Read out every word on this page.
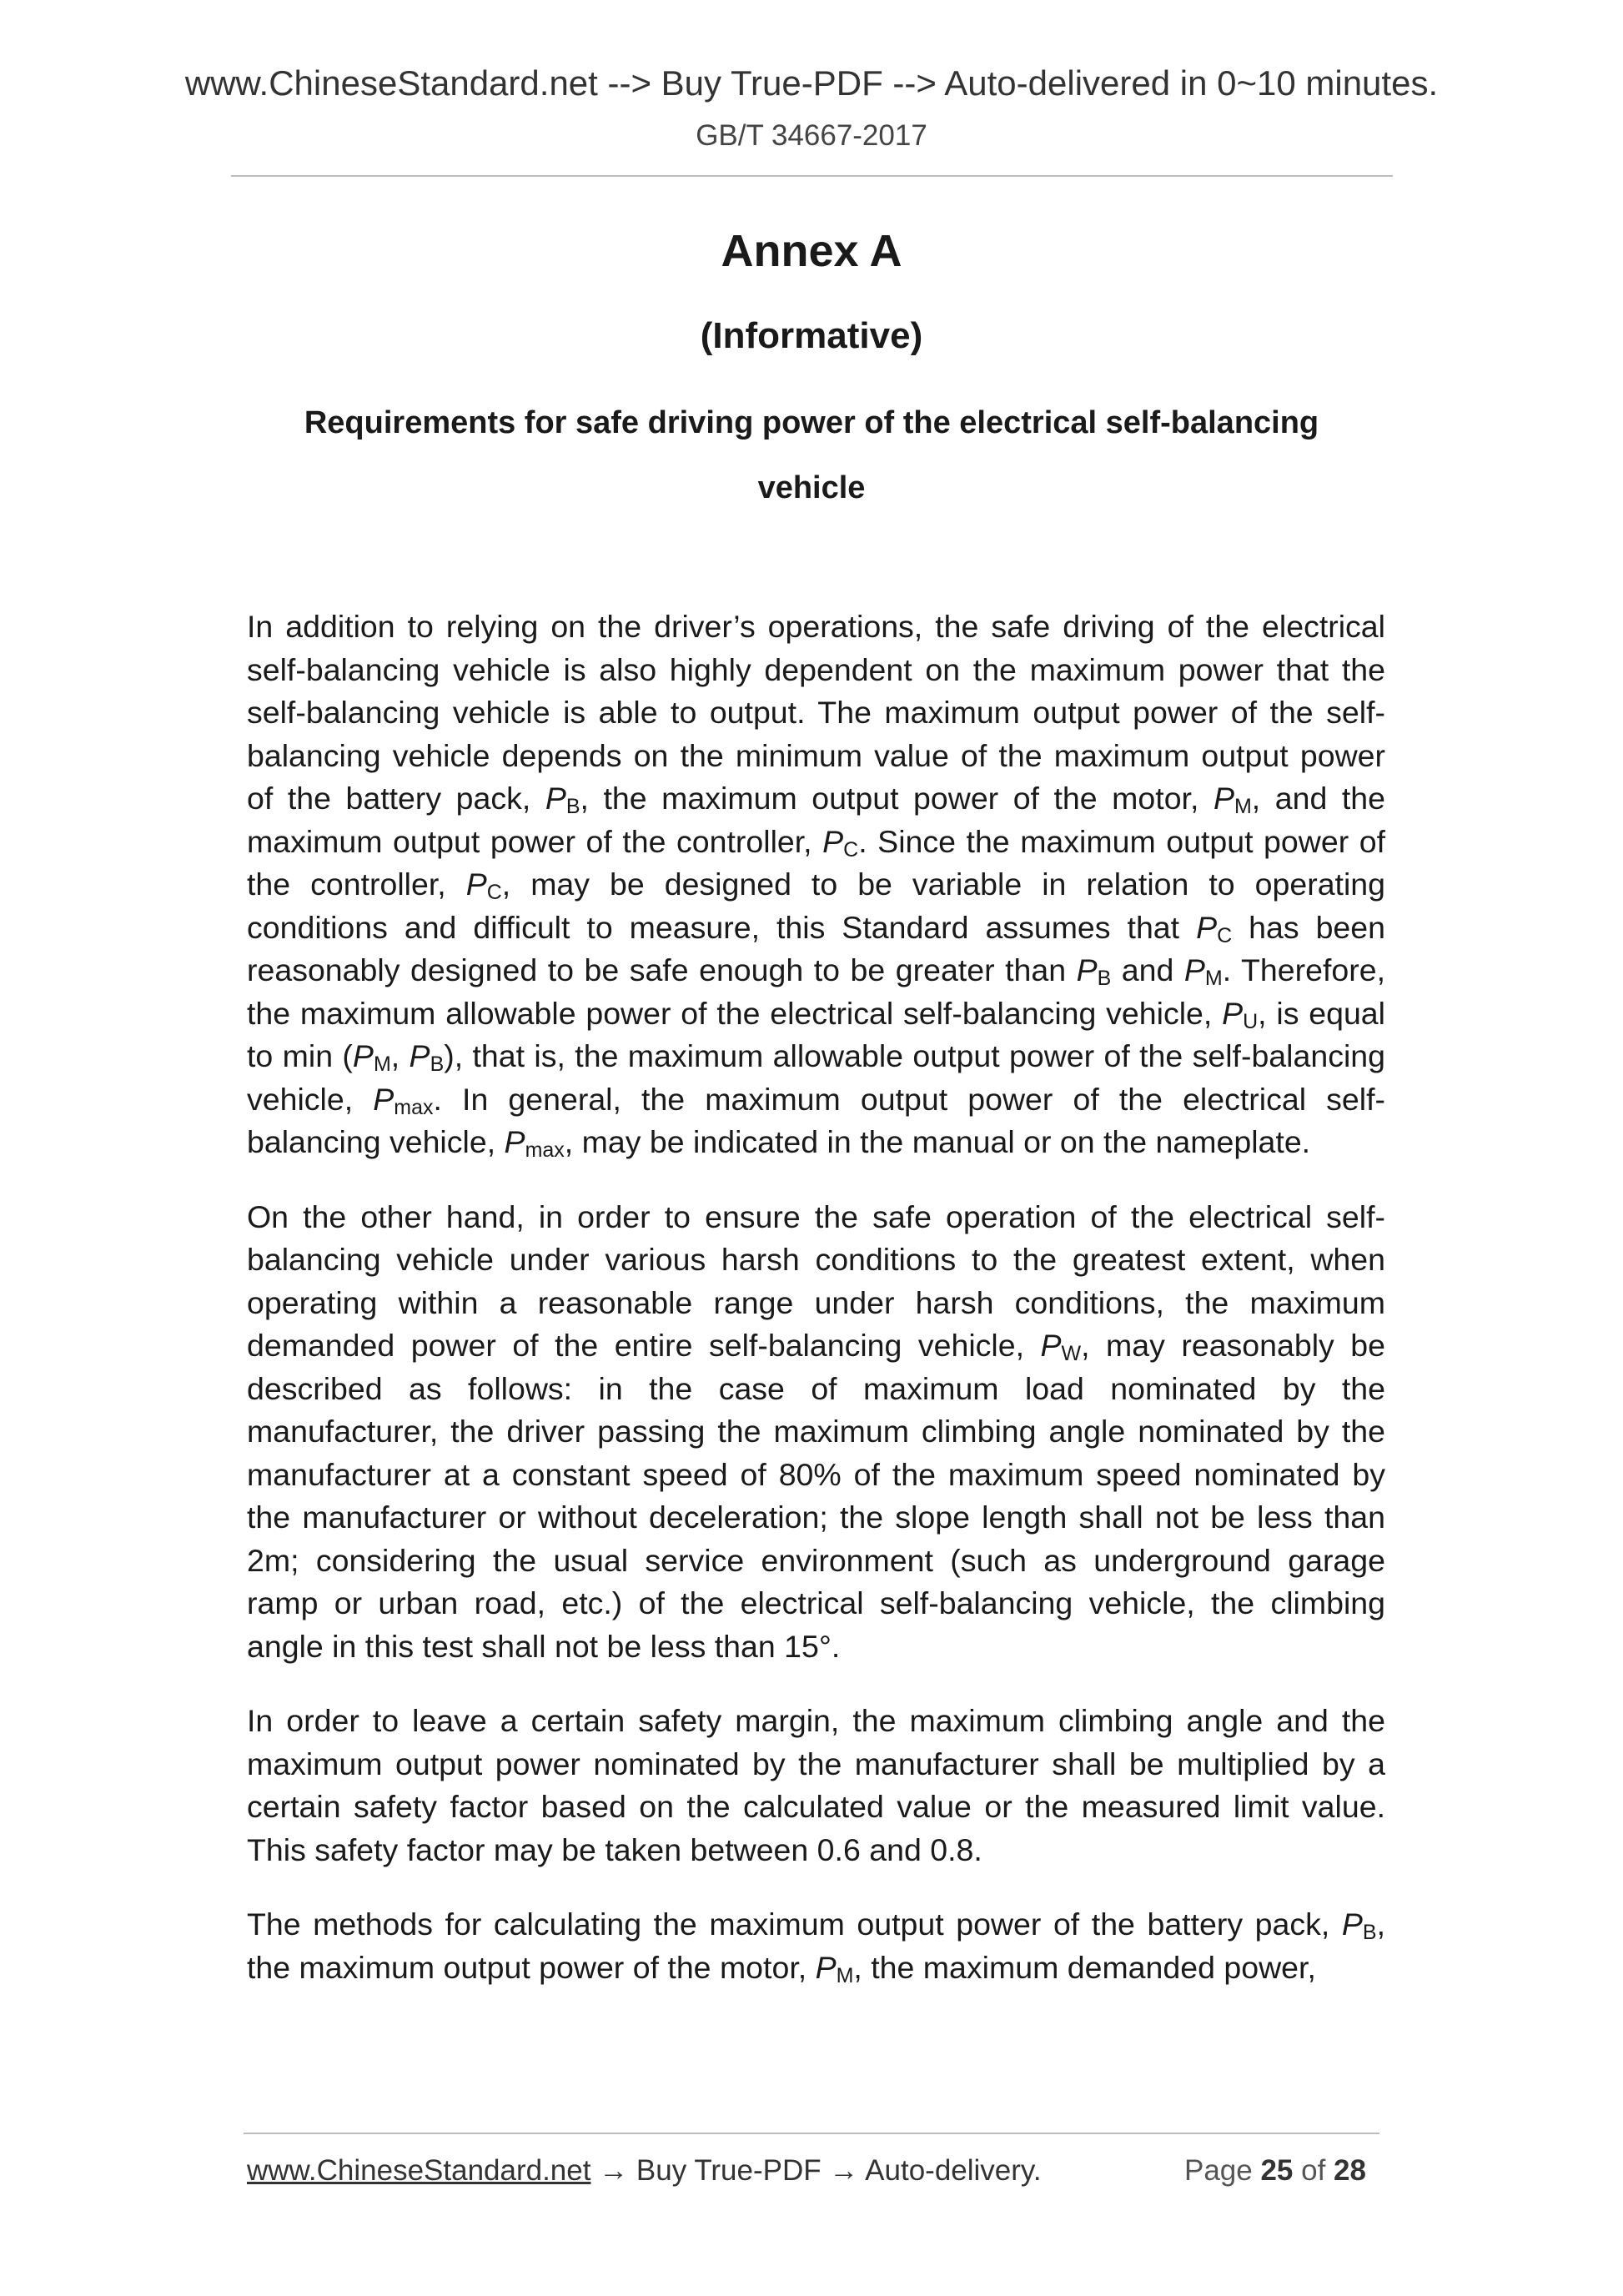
www.ChineseStandard.net --> Buy True-PDF --> Auto-delivered in 0~10 minutes.
GB/T 34667-2017
Annex A
(Informative)
Requirements for safe driving power of the electrical self-balancing
vehicle

In addition to relying on the driver’s operations, the safe driving of the electrical self-balancing vehicle is also highly dependent on the maximum power that the self-balancing vehicle is able to output. The maximum output power of the self-balancing vehicle depends on the minimum value of the maximum output power of the battery pack, $P_B$, the maximum output power of the motor, $P_M$, and the maximum output power of the controller, $P_C$. Since the maximum output power of the controller, $P_C$, may be designed to be variable in relation to operating conditions and difficult to measure, this Standard assumes that $P_C$ has been reasonably designed to be safe enough to be greater than $P_B$ and $P_M$. Therefore, the maximum allowable power of the electrical self-balancing vehicle, $P_U$, is equal to $\min (P_M$, $P_B$), that is, the maximum allowable output power of the self-balancing vehicle, $P_{max}$. In general, the maximum output power of the electrical self-balancing vehicle, $P_{max}$, may be indicated in the manual or on the nameplate.

On the other hand, in order to ensure the safe operation of the electrical self-balancing vehicle under various harsh conditions to the greatest extent, when operating within a reasonable range under harsh conditions, the maximum demanded power of the entire self-balancing vehicle, $P_W$, may reasonably be described as follows: in the case of maximum load nominated by the manufacturer, the driver passing the maximum climbing angle nominated by the manufacturer at a constant speed of 80% of the maximum speed nominated by the manufacturer or without deceleration; the slope length shall not be less than 2m; considering the usual service environment (such as underground garage ramp or urban road, etc.) of the electrical self-balancing vehicle, the climbing angle in this test shall not be less than 15°.

In order to leave a certain safety margin, the maximum climbing angle and the maximum output power nominated by the manufacturer shall be multiplied by a certain safety factor based on the calculated value or the measured limit value. This safety factor may be taken between 0.6 and 0.8.

The methods for calculating the maximum output power of the battery pack, $P_B$, the maximum output power of the motor, $P_M$, the maximum demanded power,

www.ChineseStandard.net → Buy True-PDF → Auto-delivery.	Page 25 of 28
